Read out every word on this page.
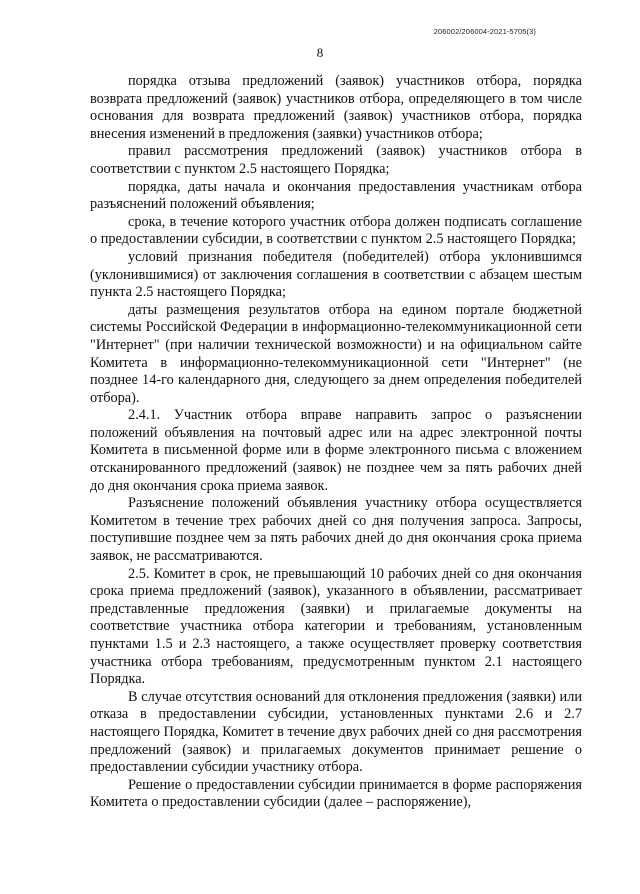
206002/206004-2021-5705(3)
8

порядка отзыва предложений (заявок) участников отбора, порядка возврата предложений (заявок) участников отбора, определяющего в том числе основания для возврата предложений (заявок) участников отбора, порядка внесения изменений в предложения (заявки) участников отбора;

правил рассмотрения предложений (заявок) участников отбора в соответствии с пунктом 2.5 настоящего Порядка;

порядка, даты начала и окончания предоставления участникам отбора разъяснений положений объявления;

срока, в течение которого участник отбора должен подписать соглашение о предоставлении субсидии, в соответствии с пунктом 2.5 настоящего Порядка;

условий признания победителя (победителей) отбора уклонившимся (уклонившимися) от заключения соглашения в соответствии с абзацем шестым пункта 2.5 настоящего Порядка;

даты размещения результатов отбора на едином портале бюджетной системы Российской Федерации в информационно-телекоммуникационной сети "Интернет" (при наличии технической возможности) и на официальном сайте Комитета в информационно-телекоммуникационной сети "Интернет" (не позднее 14-го календарного дня, следующего за днем определения победителей отбора).

2.4.1. Участник отбора вправе направить запрос о разъяснении положений объявления на почтовый адрес или на адрес электронной почты Комитета в письменной форме или в форме электронного письма с вложением отсканированного предложений (заявок) не позднее чем за пять рабочих дней до дня окончания срока приема заявок.

Разъяснение положений объявления участнику отбора осуществляется Комитетом в течение трех рабочих дней со дня получения запроса. Запросы, поступившие позднее чем за пять рабочих дней до дня окончания срока приема заявок, не рассматриваются.

2.5. Комитет в срок, не превышающий 10 рабочих дней со дня окончания срока приема предложений (заявок), указанного в объявлении, рассматривает представленные предложения (заявки) и прилагаемые документы на соответствие участника отбора категории и требованиям, установленным пунктами 1.5 и 2.3 настоящего, а также осуществляет проверку соответствия участника отбора требованиям, предусмотренным пунктом 2.1 настоящего Порядка.

В случае отсутствия оснований для отклонения предложения (заявки) или отказа в предоставлении субсидии, установленных пунктами 2.6 и 2.7 настоящего Порядка, Комитет в течение двух рабочих дней со дня рассмотрения предложений (заявок) и прилагаемых документов принимает решение о предоставлении субсидии участнику отбора.

Решение о предоставлении субсидии принимается в форме распоряжения Комитета о предоставлении субсидии (далее – распоряжение),
